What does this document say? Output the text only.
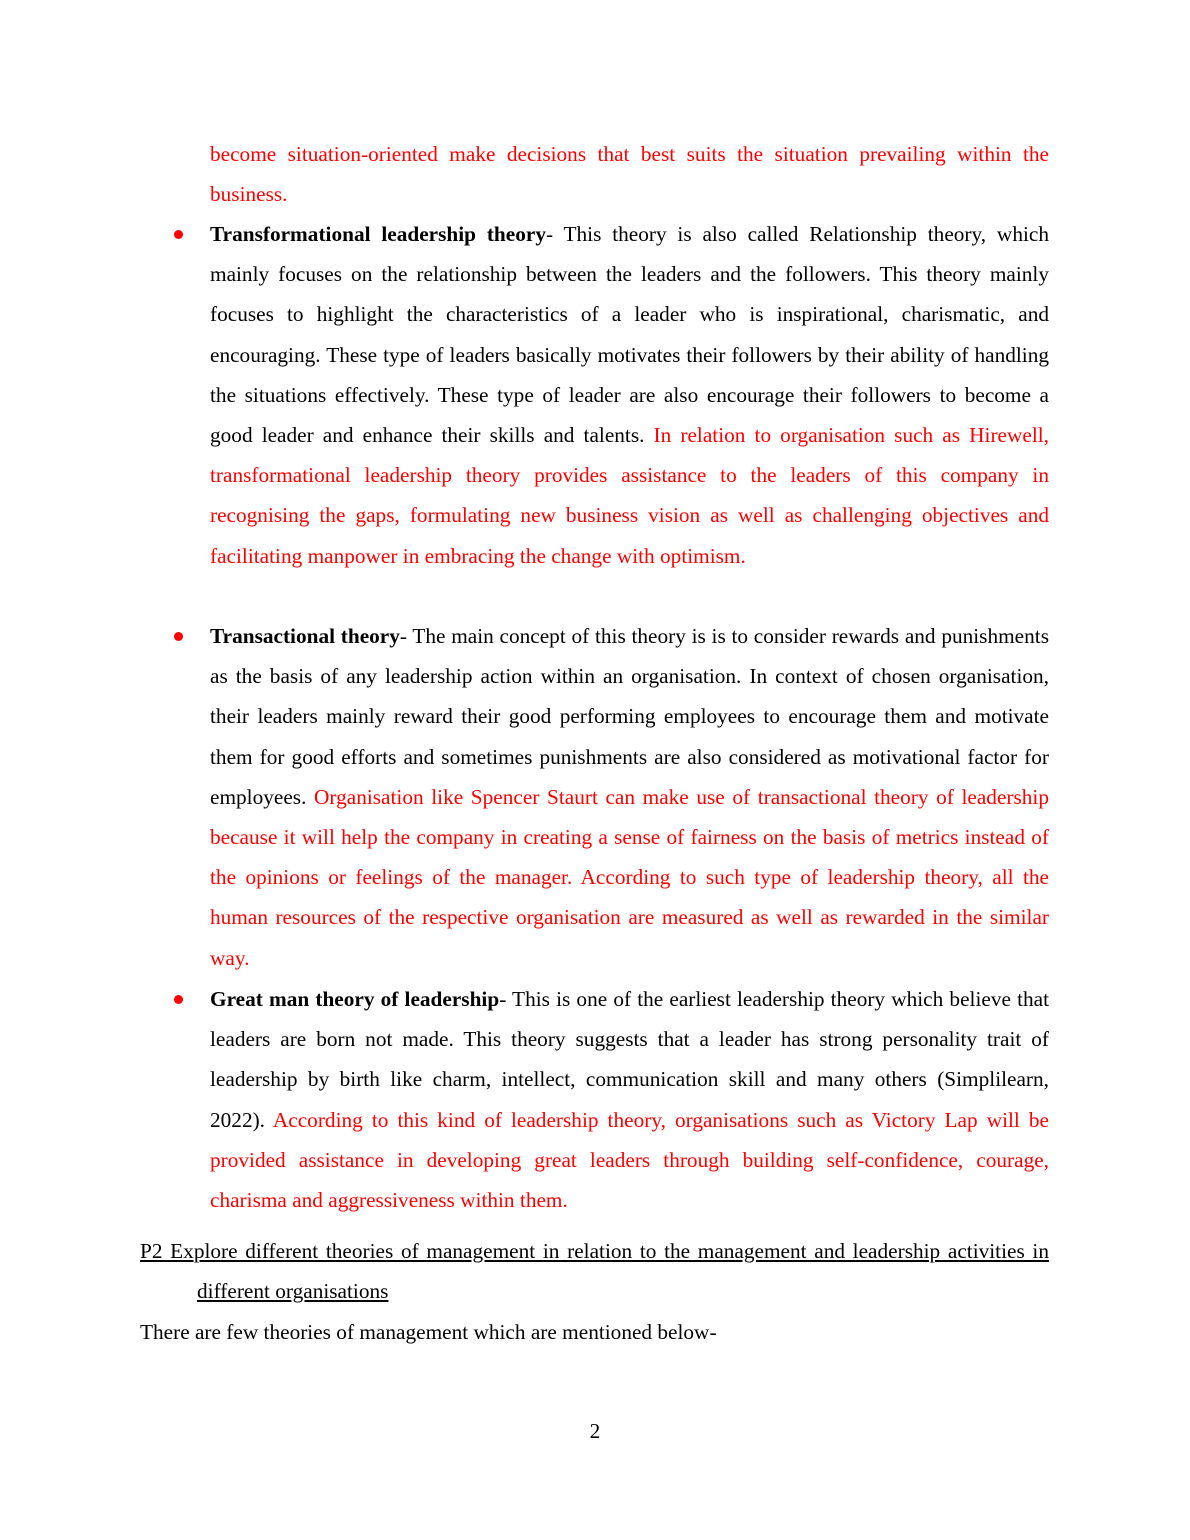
become situation-oriented make decisions that best suits the situation prevailing within the business.

Transformational leadership theory- This theory is also called Relationship theory, which mainly focuses on the relationship between the leaders and the followers. This theory mainly focuses to highlight the characteristics of a leader who is inspirational, charismatic, and encouraging. These type of leaders basically motivates their followers by their ability of handling the situations effectively. These type of leader are also encourage their followers to become a good leader and enhance their skills and talents. In relation to organisation such as Hirewell, transformational leadership theory provides assistance to the leaders of this company in recognising the gaps, formulating new business vision as well as challenging objectives and facilitating manpower in embracing the change with optimism.

Transactional theory- The main concept of this theory is is to consider rewards and punishments as the basis of any leadership action within an organisation. In context of chosen organisation, their leaders mainly reward their good performing employees to encourage them and motivate them for good efforts and sometimes punishments are also considered as motivational factor for employees. Organisation like Spencer Staurt can make use of transactional theory of leadership because it will help the company in creating a sense of fairness on the basis of metrics instead of the opinions or feelings of the manager. According to such type of leadership theory, all the human resources of the respective organisation are measured as well as rewarded in the similar way.

Great man theory of leadership- This is one of the earliest leadership theory which believe that leaders are born not made. This theory suggests that a leader has strong personality trait of leadership by birth like charm, intellect, communication skill and many others (Simplilearn, 2022). According to this kind of leadership theory, organisations such as Victory Lap will be provided assistance in developing great leaders through building self-confidence, courage, charisma and aggressiveness within them.

P2 Explore different theories of management in relation to the management and leadership activities in different organisations

There are few theories of management which are mentioned below-

2
